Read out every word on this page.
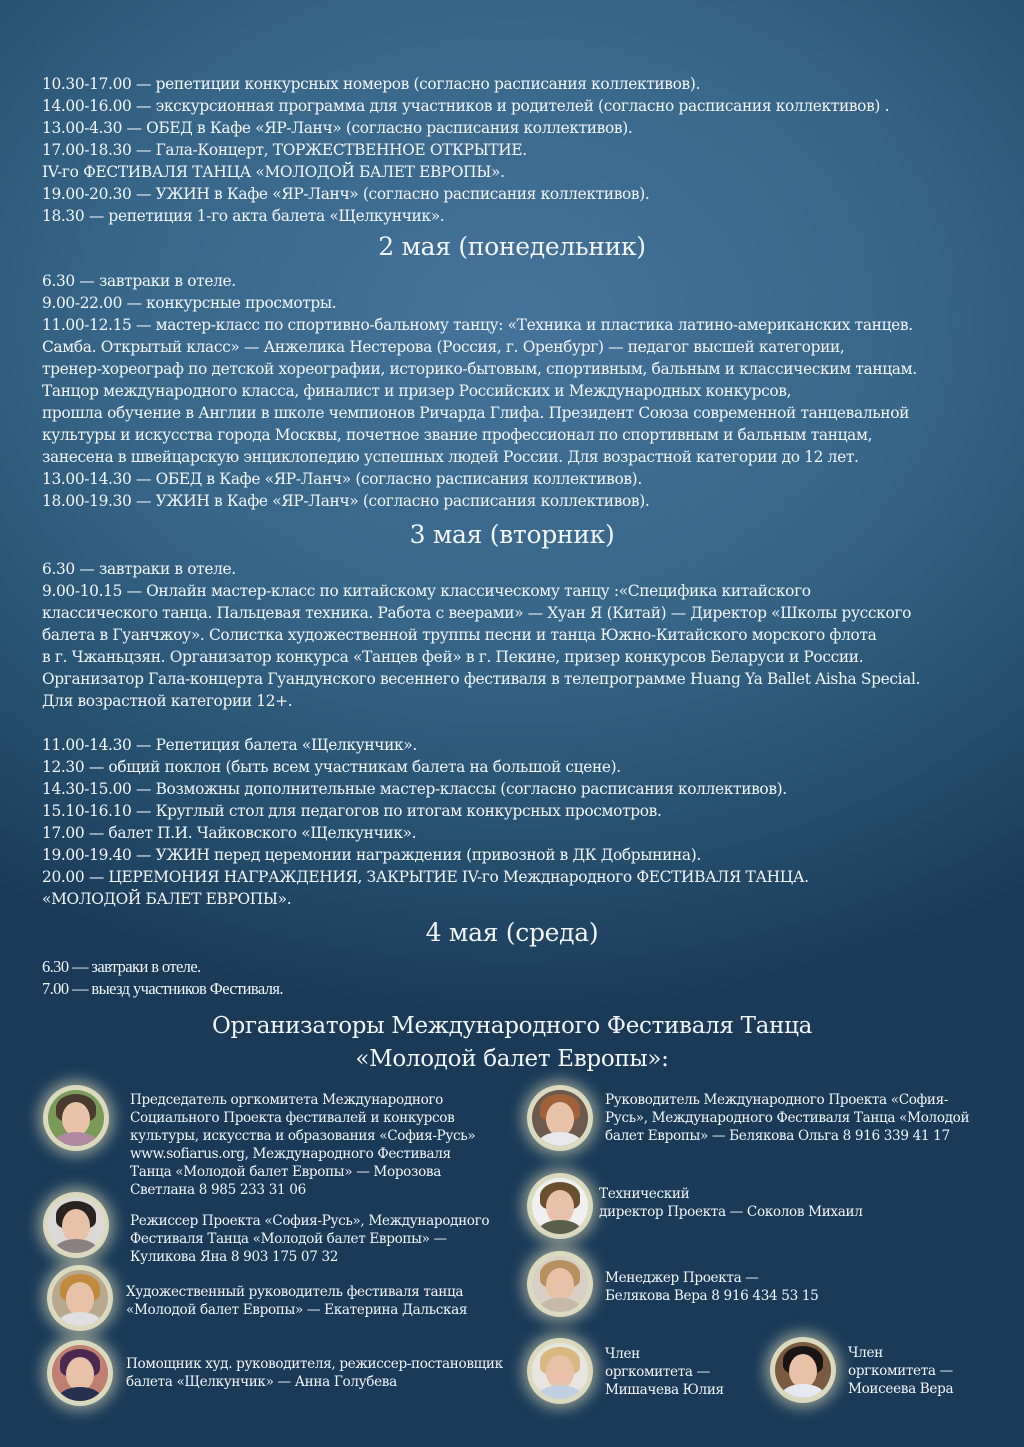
10.30-17.00 — репетиции конкурсных номеров (согласно расписания коллективов).
14.00-16.00 — экскурсионная программа для участников и родителей (согласно расписания коллективов) .
13.00-4.30 — ОБЕД в Кафе «ЯР-Ланч» (согласно расписания коллективов).
17.00-18.30 — Гала-Концерт, ТОРЖЕСТВЕННОЕ ОТКРЫТИЕ.
IV-го ФЕСТИВАЛЯ ТАНЦА «МОЛОДОЙ БАЛЕТ ЕВРОПЫ».
19.00-20.30 — УЖИН в Кафе «ЯР-Ланч» (согласно расписания коллективов).
18.30 — репетиция 1-го акта балета «Щелкунчик».
2 мая (понедельник)
6.30 — завтраки в отеле.
9.00-22.00 — конкурсные просмотры.
11.00-12.15 — мастер-класс по спортивно-бальному танцу: «Техника и пластика латино-американских танцев.
Самба. Открытый класс» — Анжелика Нестерова (Россия, г. Оренбург) — педагог высшей категории,
тренер-хореограф по детской хореографии, историко-бытовым, спортивным, бальным и классическим танцам.
Танцор международного класса, финалист и призер Российских и Международных конкурсов,
прошла обучение в Англии в школе чемпионов Ричарда Глифа. Президент Союза современной танцевальной
культуры и искусства города Москвы, почетное звание профессионал по спортивным и бальным танцам,
занесена в швейцарскую энциклопедию успешных людей России. Для возрастной категории до 12 лет.
13.00-14.30 — ОБЕД в Кафе «ЯР-Ланч» (согласно расписания коллективов).
18.00-19.30 — УЖИН в Кафе «ЯР-Ланч» (согласно расписания коллективов).
3 мая (вторник)
6.30 — завтраки в отеле.
9.00-10.15 — Онлайн мастер-класс по китайскому классическому танцу :«Специфика китайского
классического танца. Пальцевая техника. Работа с веерами» — Хуан Я (Китай) — Директор «Школы русского
балета в Гуанчжоу». Солистка художественной труппы песни и танца Южно-Китайского морского флота
в г. Чжаньцзян. Организатор конкурса «Танцев фей» в г. Пекине, призер конкурсов Беларуси и России.
Организатор Гала-концерта Гуандунского весеннего фестиваля в телепрограмме Huang Ya Ballet Aisha Special.
Для возрастной категории 12+.
11.00-14.30 — Репетиция балета «Щелкунчик».
12.30 — общий поклон (быть всем участникам балета на большой сцене).
14.30-15.00 — Возможны дополнительные мастер-классы (согласно расписания коллективов).
15.10-16.10 — Круглый стол для педагогов по итогам конкурсных просмотров.
17.00 — балет П.И. Чайковского «Щелкунчик».
19.00-19.40 — УЖИН перед церемонии награждения (привозной в ДК Добрынина).
20.00 — ЦЕРЕМОНИЯ НАГРАЖДЕНИЯ, ЗАКРЫТИЕ IV-го Междн​ародного ФЕСТИВАЛЯ ТАНЦА.
«МОЛОДОЙ БАЛЕТ ЕВРОПЫ».
4 мая (среда)
6.30 — завтраки в отеле.
7.00 — выезд участников Фестиваля.
Организаторы Международного Фестиваля Танца
«Молодой балет Европы»:
Председатель оргкомитета Международного
Социального Проекта фестивалей и конкурсов
культуры, искусства и образования «София-Русь»
www.sofiarus.org, Международного Фестиваля
Танца «Молодой балет Европы» — Морозова
Светлана 8 985 233 31 06
Руководитель Международного Проекта «София-
Русь», Международного Фестиваля Танца «Молодой
балет Европы» — Белякова Ольга 8 916 339 41 17
Режиссер Проекта «София-Русь», Международного
Фестиваля Танца «Молодой балет Европы» —
Куликова Яна 8 903 175 07 32
Технический
директор Проекта — Соколов Михаил
Художественный руководитель фестиваля танца
«Молодой балет Европы» — Екатерина Дальская
Менеджер Проекта —
Белякова Вера 8 916 434 53 15
Помощник худ. руководителя, режиссер-постановщик
балета «Щелкунчик» — Анна Голубева
Член
оргкомитета —
Мишачева Юлия
Член
оргкомитета —
Моисеева Вера
